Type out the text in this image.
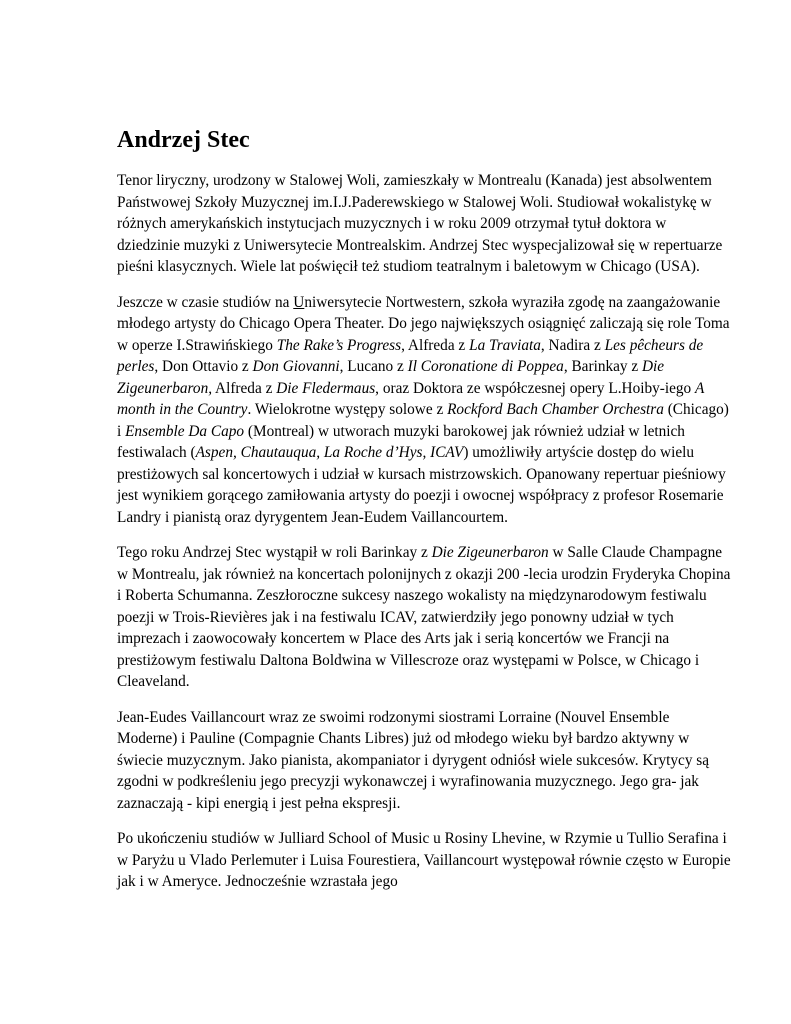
Andrzej Stec

Tenor liryczny, urodzony w Stalowej Woli, zamieszkały w Montrealu (Kanada) jest absolwentem Państwowej Szkoły Muzycznej im.I.J.Paderewskiego w Stalowej Woli. Studiował wokalistykę w różnych amerykańskich instytucjach muzycznych i w roku 2009 otrzymał tytuł doktora w dziedzinie muzyki z Uniwersytecie Montrealskim. Andrzej Stec wyspecjalizował się w repertuarze pieśni klasycznych. Wiele lat poświęcił też studiom teatralnym i baletowym w Chicago (USA).

Jeszcze w czasie studiów na Uniwersytecie Nortwestern, szkoła wyraziła zgodę na zaangażowanie młodego artysty do Chicago Opera Theater. Do jego największych osiągnięć zaliczają się role Toma w operze I.Strawińskiego The Rake’s Progress, Alfreda z La Traviata, Nadira z Les pêcheurs de perles, Don Ottavio z Don Giovanni, Lucano z Il Coronatione di Poppea, Barinkay z Die Zigeunerbaron, Alfreda z Die Fledermaus, oraz Doktora ze współczesnej opery L.Hoiby-iego A month in the Country. Wielokrotne występy solowe z Rockford Bach Chamber Orchestra (Chicago) i Ensemble Da Capo (Montreal) w utworach muzyki barokowej jak również udział w letnich festiwalach (Aspen, Chautauqua, La Roche d’Hys, ICAV) umożliwiły artyście dostęp do wielu prestiżowych sal koncertowych i udział w kursach mistrzowskich. Opanowany repertuar pieśniowy jest wynikiem gorącego zamiłowania artysty do poezji i owocnej współpracy z profesor Rosemarie Landry i pianistą oraz dyrygentem Jean-Eudem Vaillancourtem.

Tego roku Andrzej Stec wystąpił w roli Barinkay z Die Zigeunerbaron w Salle Claude Champagne w Montrealu, jak również na koncertach polonijnych z okazji 200 -lecia urodzin Fryderyka Chopina i Roberta Schumanna. Zeszłoroczne sukcesy naszego wokalisty na międzynarodowym festiwalu poezji w Trois-Rievières jak i na festiwalu ICAV, zatwierdziły jego ponowny udział w tych imprezach i zaowocowały koncertem w Place des Arts jak i serią koncertów we Francji na prestiżowym festiwalu Daltona Boldwina w Villescroze oraz występami w Polsce, w Chicago i Cleaveland.

Jean-Eudes Vaillancourt wraz ze swoimi rodzonymi siostrami Lorraine (Nouvel Ensemble Moderne) i Pauline (Compagnie Chants Libres) już od młodego wieku był bardzo aktywny w świecie muzycznym. Jako pianista, akompaniator i dyrygent odniósł wiele sukcesów. Krytycy są zgodni w podkreśleniu jego precyzji wykonawczej i wyrafinowania muzycznego. Jego gra- jak zaznaczają - kipi energią i jest pełna ekspresji.

Po ukończeniu studiów w Julliard School of Music u Rosiny Lhevine, w Rzymie u Tullio Serafina i w Paryżu u Vlado Perlemuter i Luisa Fourestiera, Vaillancourt występował równie często w Europie jak i w Ameryce. Jednocześnie wzrastała jego
